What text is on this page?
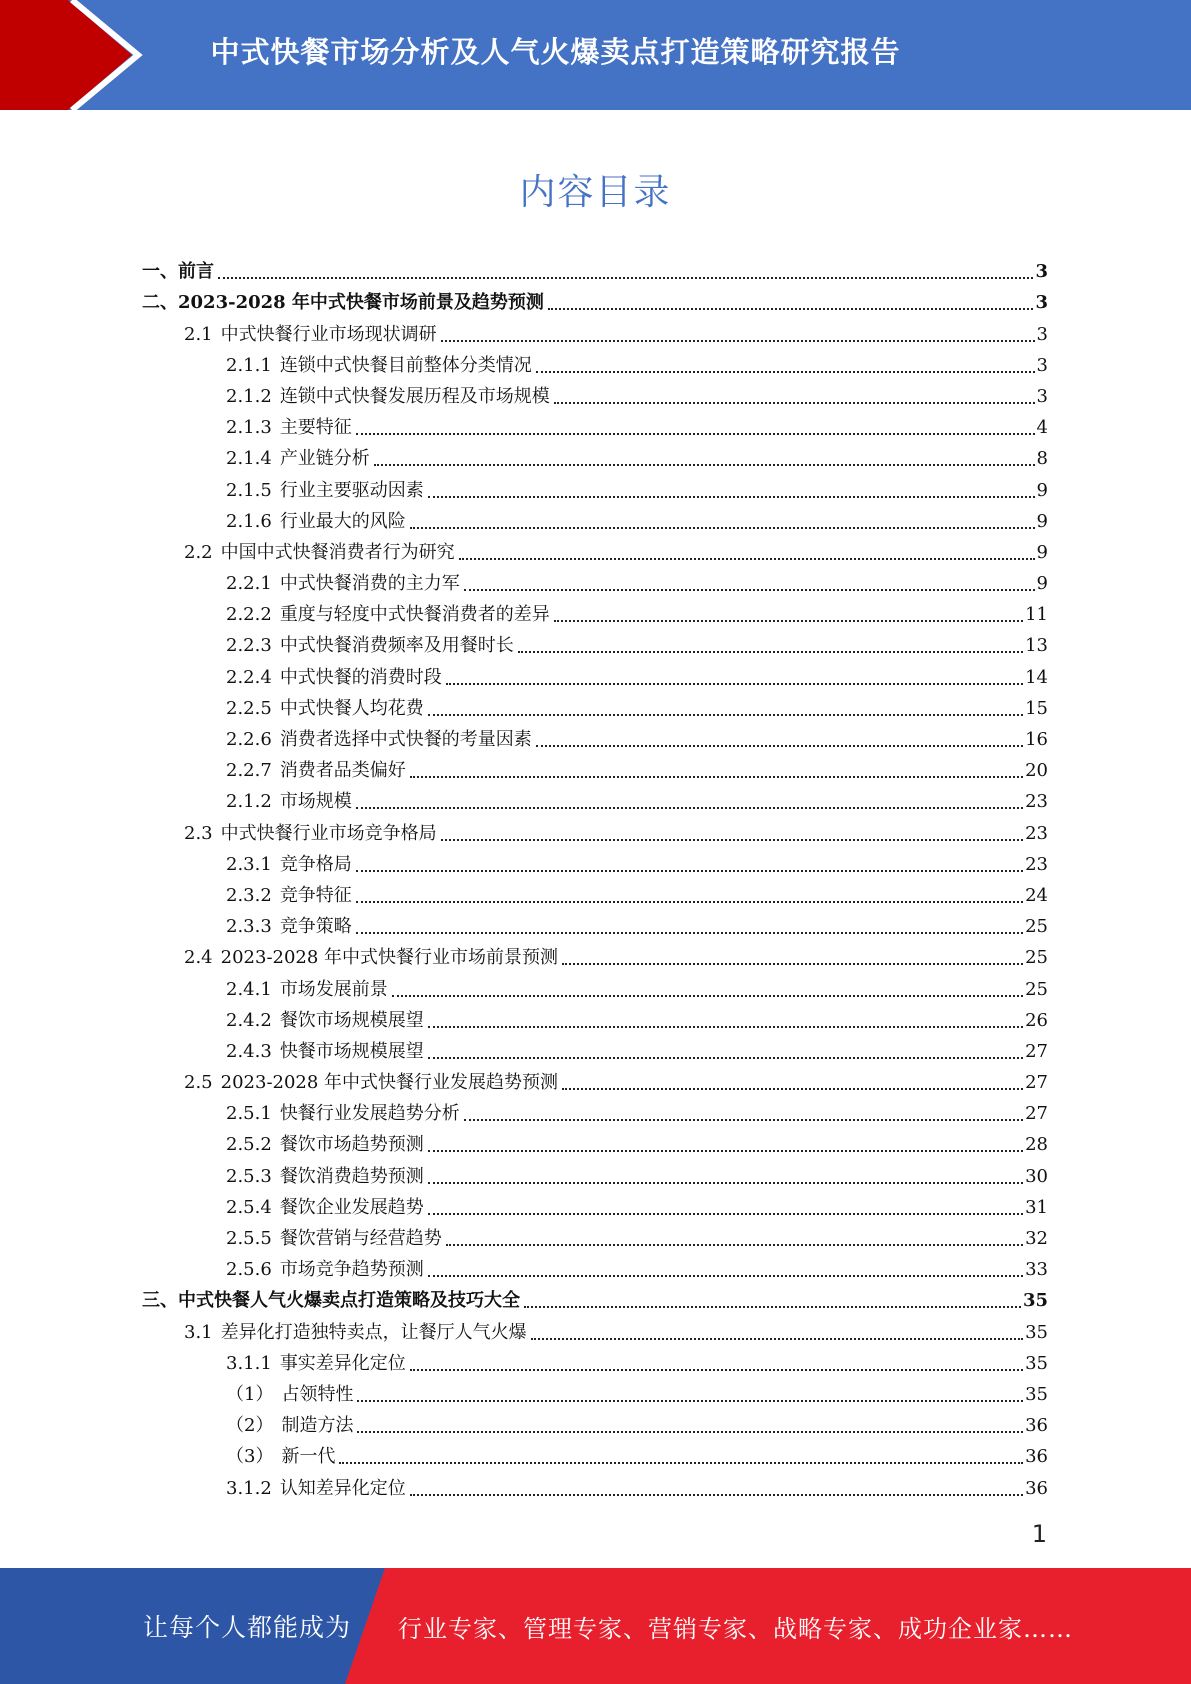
中式快餐市场分析及人气火爆卖点打造策略研究报告
内容目录
一、 前言	3
二、 2023-2028 年中式快餐市场前景及趋势预测	3
2.1 中式快餐行业市场现状调研	3
2.1.1 连锁中式快餐目前整体分类情况	3
2.1.2 连锁中式快餐发展历程及市场规模	3
2.1.3 主要特征	4
2.1.4 产业链分析	8
2.1.5 行业主要驱动因素	9
2.1.6 行业最大的风险	9
2.2 中国中式快餐消费者行为研究	9
2.2.1 中式快餐消费的主力军	9
2.2.2 重度与轻度中式快餐消费者的差异	11
2.2.3 中式快餐消费频率及用餐时长	13
2.2.4 中式快餐的消费时段	14
2.2.5 中式快餐人均花费	15
2.2.6 消费者选择中式快餐的考量因素	16
2.2.7 消费者品类偏好	20
2.1.2 市场规模	23
2.3 中式快餐行业市场竞争格局	23
2.3.1 竞争格局	23
2.3.2 竞争特征	24
2.3.3 竞争策略	25
2.4 2023-2028 年中式快餐行业市场前景预测	25
2.4.1 市场发展前景	25
2.4.2 餐饮市场规模展望	26
2.4.3 快餐市场规模展望	27
2.5 2023-2028 年中式快餐行业发展趋势预测	27
2.5.1 快餐行业发展趋势分析	27
2.5.2 餐饮市场趋势预测	28
2.5.3 餐饮消费趋势预测	30
2.5.4 餐饮企业发展趋势	31
2.5.5 餐饮营销与经营趋势	32
2.5.6 市场竞争趋势预测	33
三、 中式快餐人气火爆卖点打造策略及技巧大全	35
3.1 差异化打造独特卖点，让餐厅人气火爆	35
3.1.1 事实差异化定位	35
（1） 占领特性	35
（2） 制造方法	36
（3） 新一代	36
3.1.2 认知差异化定位	36
1
让每个人都能成为 行业专家、管理专家、营销专家、战略专家、成功企业家……
